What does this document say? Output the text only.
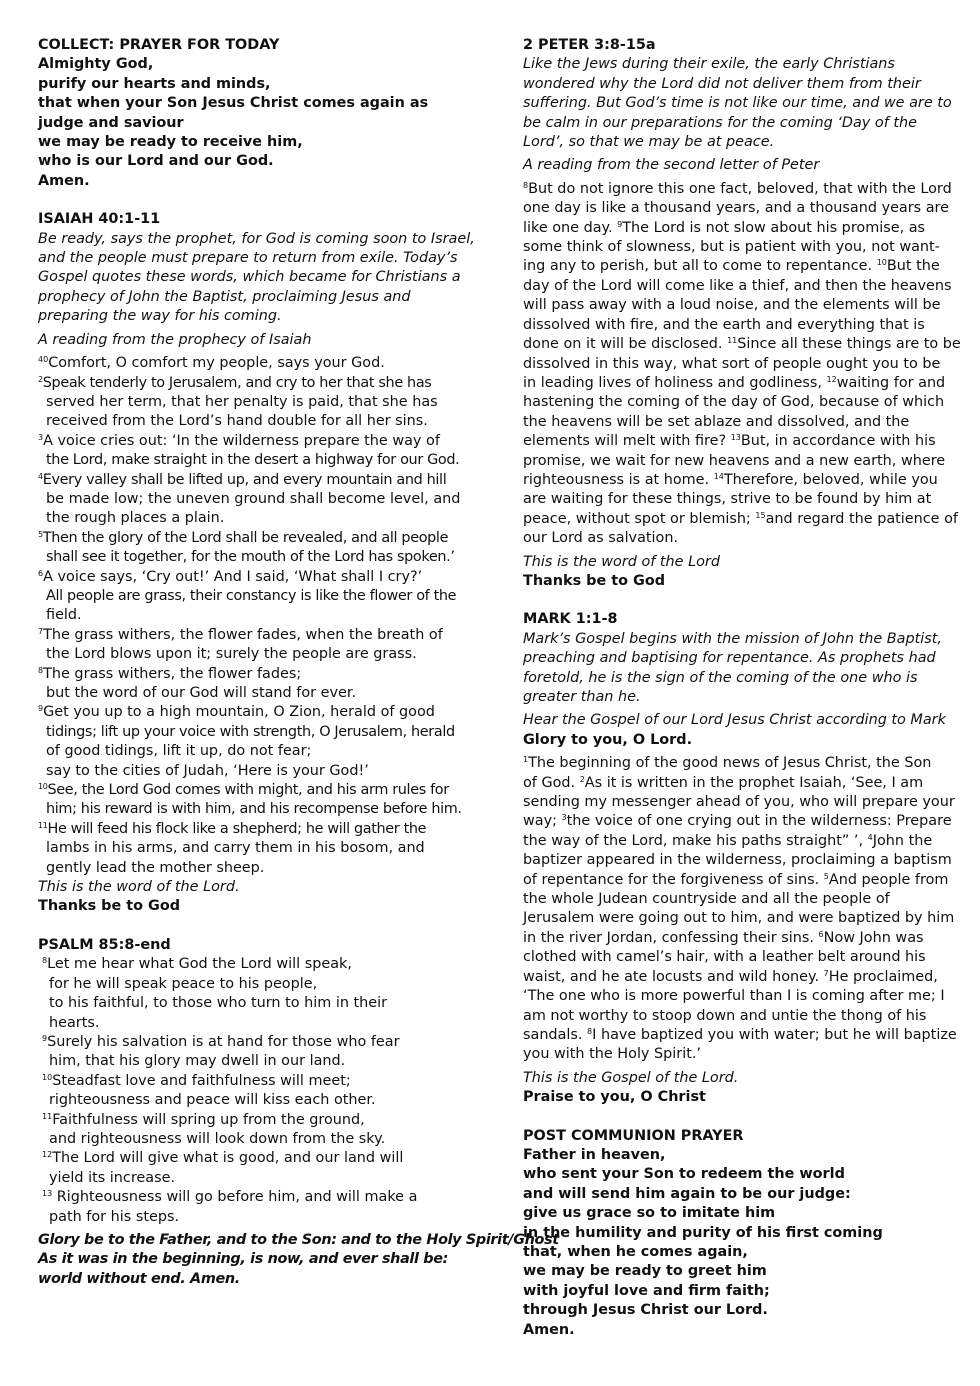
COLLECT: PRAYER FOR TODAY
Almighty God,
purify our hearts and minds,
that when your Son Jesus Christ comes again as
judge and saviour
we may be ready to receive him,
who is our Lord and our God.
Amen.
ISAIAH 40:1-11
Be ready, says the prophet, for God is coming soon to Israel,
and the people must prepare to return from exile. Today’s
Gospel quotes these words, which became for Christians a
prophecy of John the Baptist, proclaiming Jesus and
preparing the way for his coming.
A reading from the prophecy of Isaiah
$^{40}$Comfort, O comfort my people, says your God.
$^2$Speak tenderly to Jerusalem, and cry to her that she has
served her term, that her penalty is paid, that she has
received from the Lord’s hand double for all her sins.
$^3$A voice cries out: ‘In the wilderness prepare the way of
the Lord, make straight in the desert a highway for our God.
$^4$Every valley shall be lifted up, and every mountain and hill
be made low; the uneven ground shall become level, and
the rough places a plain.
$^5$Then the glory of the Lord shall be revealed, and all people
shall see it together, for the mouth of the Lord has spoken.’
$^6$A voice says, ‘Cry out!’ And I said, ‘What shall I cry?’
All people are grass, their constancy is like the flower of the
field.
$^7$The grass withers, the flower fades, when the breath of
the Lord blows upon it; surely the people are grass.
$^8$The grass withers, the flower fades;
but the word of our God will stand for ever.
$^9$Get you up to a high mountain, O Zion, herald of good
tidings; lift up your voice with strength, O Jerusalem, herald
of good tidings, lift it up, do not fear;
say to the cities of Judah, ‘Here is your God!’
$^{10}$See, the Lord God comes with might, and his arm rules for
him; his reward is with him, and his recompense before him.
$^{11}$He will feed his flock like a shepherd; he will gather the
lambs in his arms, and carry them in his bosom, and
gently lead the mother sheep.
This is the word of the Lord.
Thanks be to God
PSALM 85:8-end
$^8$Let me hear what God the Lord will speak,
for he will speak peace to his people,
to his faithful, to those who turn to him in their
hearts.
$^9$Surely his salvation is at hand for those who fear
him, that his glory may dwell in our land.
$^{10}$Steadfast love and faithfulness will meet;
righteousness and peace will kiss each other.
$^{11}$Faithfulness will spring up from the ground,
and righteousness will look down from the sky.
$^{12}$The Lord will give what is good, and our land will
yield its increase.
$^{13}$ Righteousness will go before him, and will make a
path for his steps.
Glory be to the Father, and to the Son: and to the Holy Spirit/Ghost
As it was in the beginning, is now, and ever shall be:
world without end. Amen.
2 PETER 3:8-15a
Like the Jews during their exile, the early Christians
wondered why the Lord did not deliver them from their
suffering. But God’s time is not like our time, and we are to
be calm in our preparations for the coming ‘Day of the
Lord’, so that we may be at peace.
A reading from the second letter of Peter
$^8$But do not ignore this one fact, beloved, that with the Lord
one day is like a thousand years, and a thousand years are
like one day. $^9$The Lord is not slow about his promise, as
some think of slowness, but is patient with you, not want-
ing any to perish, but all to come to repentance. $^{10}$But the
day of the Lord will come like a thief, and then the heavens
will pass away with a loud noise, and the elements will be
dissolved with fire, and the earth and everything that is
done on it will be disclosed. $^{11}$Since all these things are to be
dissolved in this way, what sort of people ought you to be
in leading lives of holiness and godliness, $^{12}$waiting for and
hastening the coming of the day of God, because of which
the heavens will be set ablaze and dissolved, and the
elements will melt with fire? $^{13}$But, in accordance with his
promise, we wait for new heavens and a new earth, where
righteousness is at home. $^{14}$Therefore, beloved, while you
are waiting for these things, strive to be found by him at
peace, without spot or blemish; $^{15}$and regard the patience of
our Lord as salvation.
This is the word of the Lord
Thanks be to God
MARK 1:1-8
Mark’s Gospel begins with the mission of John the Baptist,
preaching and baptising for repentance. As prophets had
foretold, he is the sign of the coming of the one who is
greater than he.
Hear the Gospel of our Lord Jesus Christ according to Mark
Glory to you, O Lord.
$^1$The beginning of the good news of Jesus Christ, the Son
of God. $^2$As it is written in the prophet Isaiah, ‘See, I am
sending my messenger ahead of you, who will prepare your
way; $^3$the voice of one crying out in the wilderness: Prepare
the way of the Lord, make his paths straight” ’, $^4$John the
baptizer appeared in the wilderness, proclaiming a baptism
of repentance for the forgiveness of sins. $^5$And people from
the whole Judean countryside and all the people of
Jerusalem were going out to him, and were baptized by him
in the river Jordan, confessing their sins. $^6$Now John was
clothed with camel’s hair, with a leather belt around his
waist, and he ate locusts and wild honey. $^7$He proclaimed,
‘The one who is more powerful than I is coming after me; I
am not worthy to stoop down and untie the thong of his
sandals. $^8$I have baptized you with water; but he will baptize
you with the Holy Spirit.’
This is the Gospel of the Lord.
Praise to you, O Christ
POST COMMUNION PRAYER
Father in heaven,
who sent your Son to redeem the world
and will send him again to be our judge:
give us grace so to imitate him
in the humility and purity of his first coming
that, when he comes again,
we may be ready to greet him
with joyful love and firm faith;
through Jesus Christ our Lord.
Amen.
